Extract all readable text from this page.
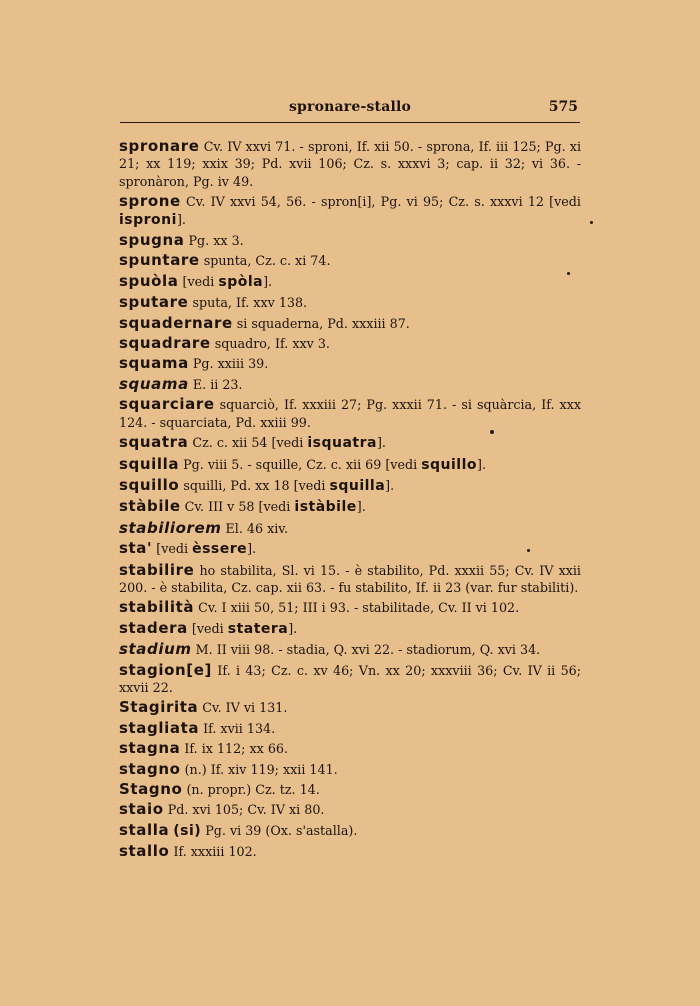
spronare-stallo	575
spronare Cv. IV xxvi 71. - sproni, If. xii 50. - sprona, If. iii 125; Pg. xi 21; xx 119; xxix 39; Pd. xvii 106; Cz. s. xxxvi 3; cap. ii 32; vi 36. - spronàron, Pg. iv 49.
sprone Cv. IV xxvi 54, 56. - spron[i], Pg. vi 95; Cz. s. xxxvi 12 [vedi isproni].
spugna Pg. xx 3.
spuntare spunta, Cz. c. xi 74.
spuòla [vedi spòla].
sputare sputa, If. xxv 138.
squadernare si squaderna, Pd. xxxiii 87.
squadrare squadro, If. xxv 3.
squama Pg. xxiii 39.
squama E. ii 23.
squarciare squarciò, If. xxxiii 27; Pg. xxxii 71. - si squàrcia, If. xxx 124. - squarciata, Pd. xxiii 99.
squatra Cz. c. xii 54 [vedi isquatra].
squilla Pg. viii 5. - squille, Cz. c. xii 69 [vedi squillo].
squillo squilli, Pd. xx 18 [vedi squilla].
stàbile Cv. III v 58 [vedi istàbile].
stabiliorem El. 46 xiv.
sta' [vedi èssere].
stabilire ho stabilita, Sl. vi 15. - è stabilito, Pd. xxxii 55; Cv. IV xxii 200. - è stabilita, Cz. cap. xii 63. - fu stabilito, If. ii 23 (var. fur stabiliti).
stabilità Cv. I xiii 50, 51; III i 93. - stabilitade, Cv. II vi 102.
stadera [vedi statera].
stadium M. II viii 98. - stadia, Q. xvi 22. - stadiorum, Q. xvi 34.
stagion[e] If. i 43; Cz. c. xv 46; Vn. xx 20; xxxviii 36; Cv. IV ii 56; xxvii 22.
Stagirita Cv. IV vi 131.
stagliata If. xvii 134.
stagna If. ix 112; xx 66.
stagno (n.) If. xiv 119; xxii 141.
Stagno (n. propr.) Cz. tz. 14.
staio Pd. xvi 105; Cv. IV xi 80.
stalla (si) Pg. vi 39 (Ox. s'astalla).
stallo If. xxxiii 102.
